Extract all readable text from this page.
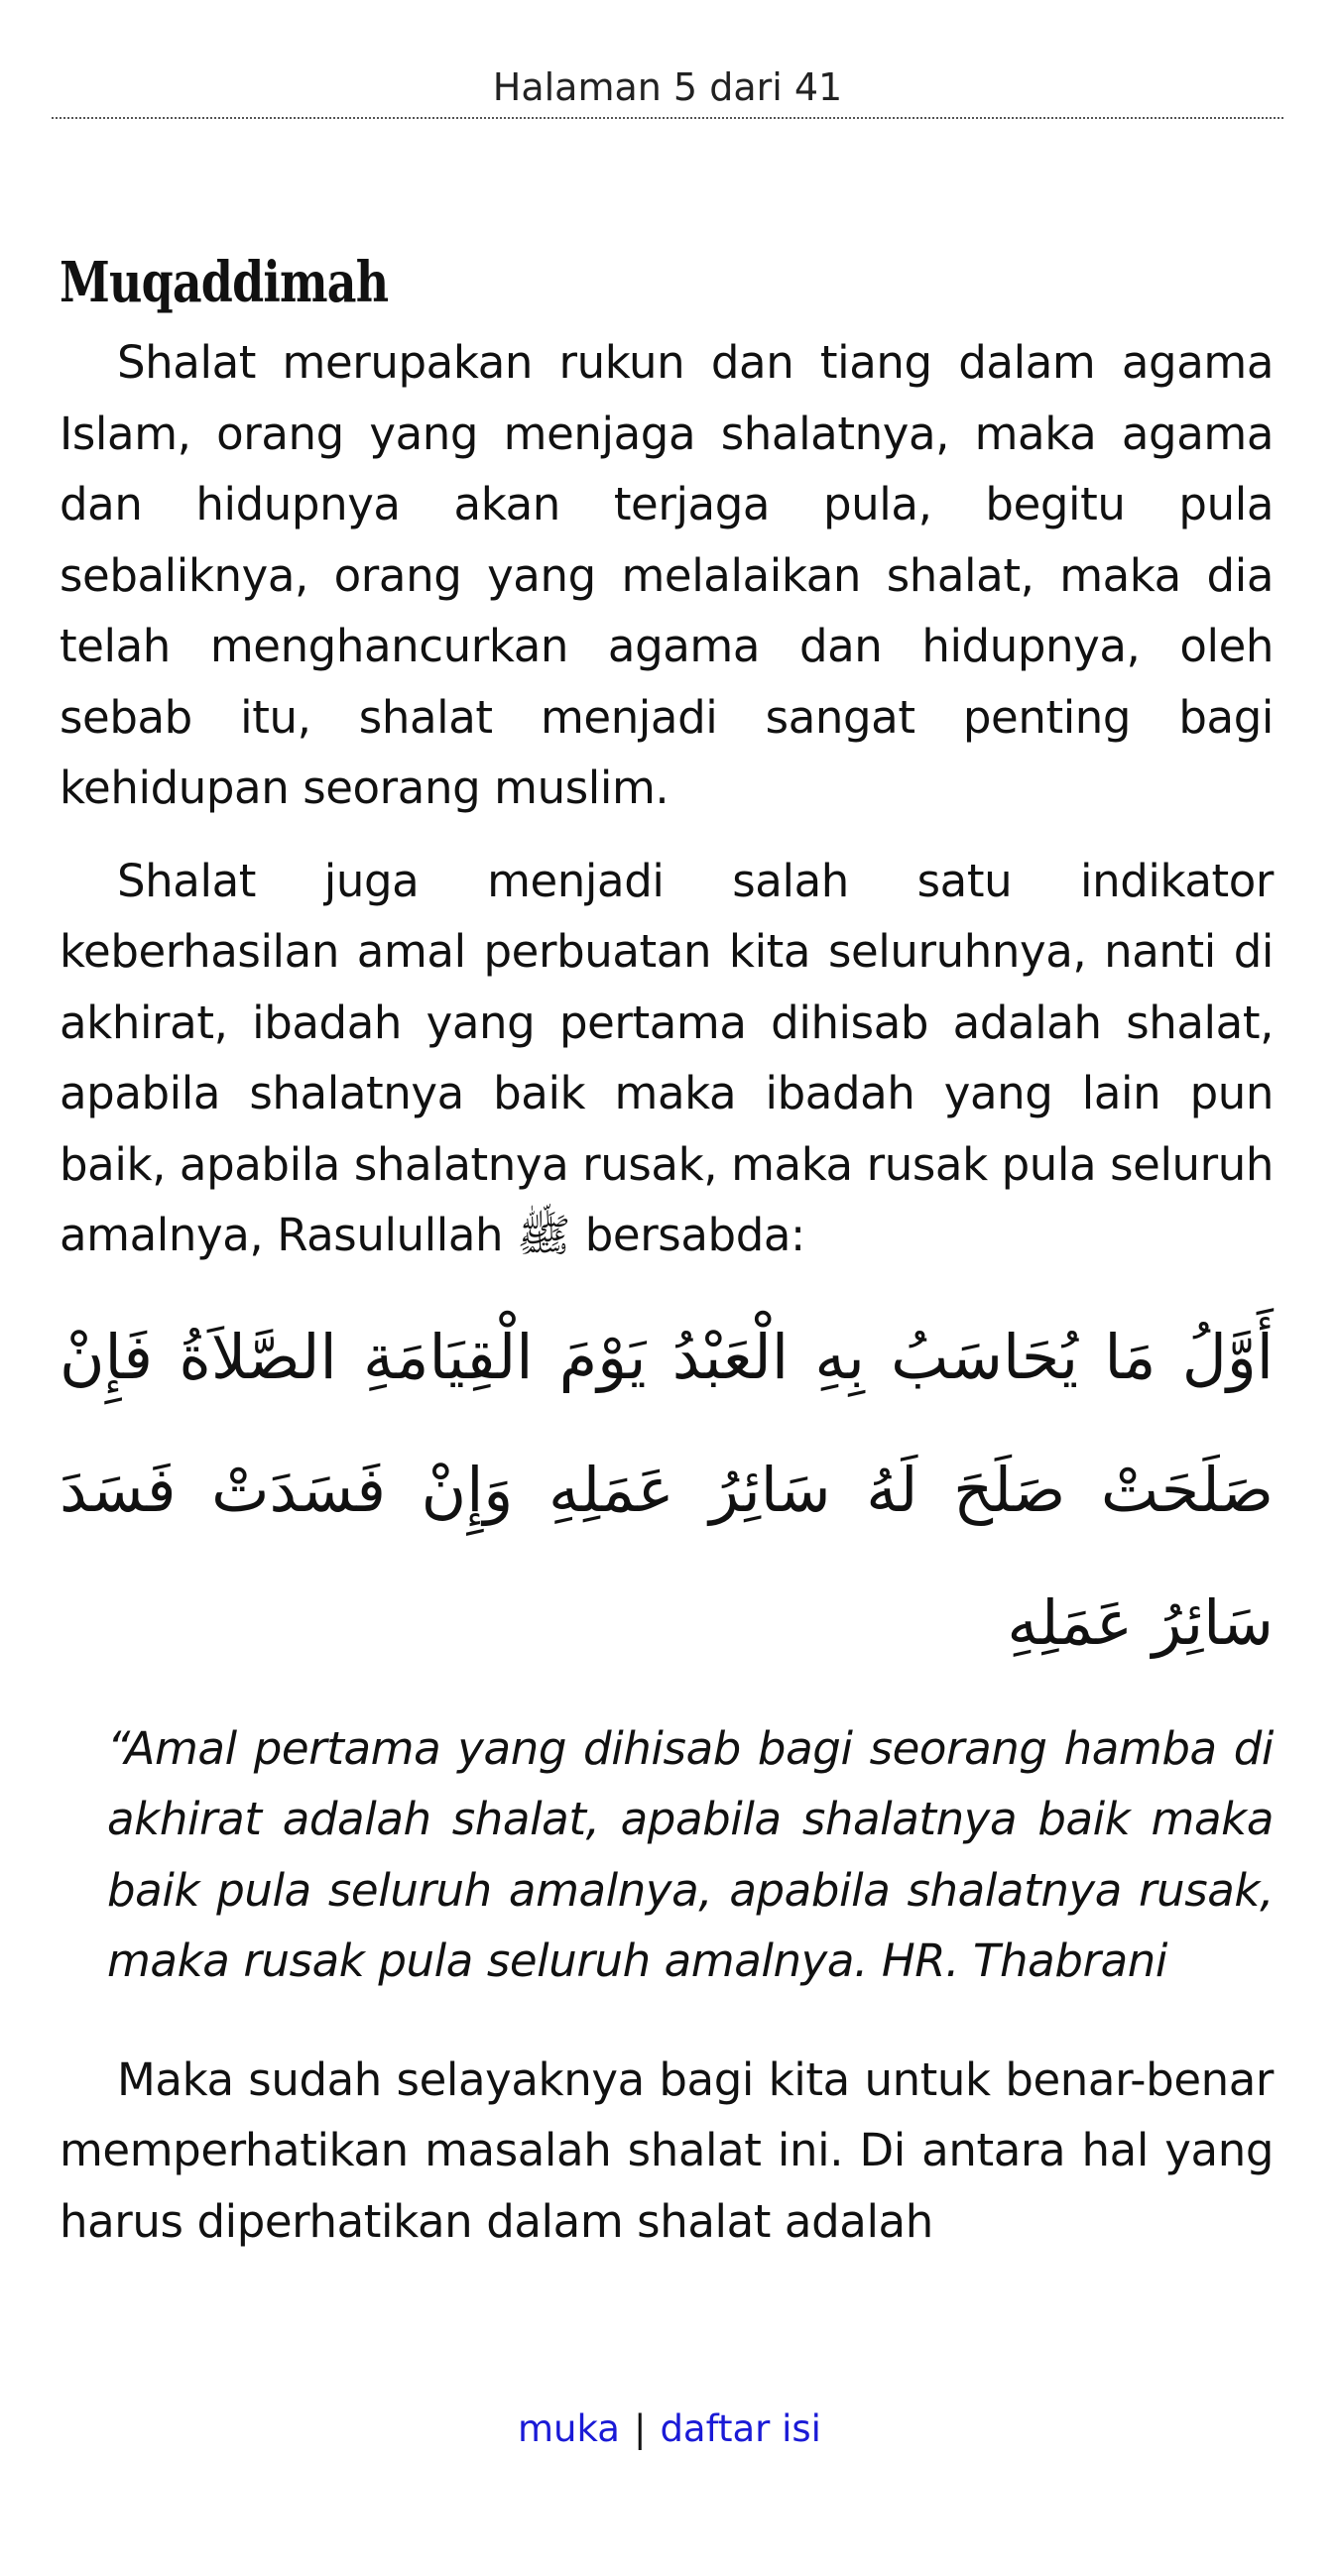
Halaman 5 dari 41
Muqaddimah

Shalat merupakan rukun dan tiang dalam agama Islam, orang yang menjaga shalatnya, maka agama dan hidupnya akan terjaga pula, begitu pula sebaliknya, orang yang melalaikan shalat, maka dia telah menghancurkan agama dan hidupnya, oleh sebab itu, shalat menjadi sangat penting bagi kehidupan seorang muslim.

Shalat juga menjadi salah satu indikator keberhasilan amal perbuatan kita seluruhnya, nanti di akhirat, ibadah yang pertama dihisab adalah shalat, apabila shalatnya baik maka ibadah yang lain pun baik, apabila shalatnya rusak, maka rusak pula seluruh amalnya, Rasulullah ﷺ bersabda:

أَوَّلُ مَا يُحَاسَبُ بِهِ الْعَبْدُ يَوْمَ الْقِيَامَةِ الصَّلاَةُ فَإِنْ صَلَحَتْ صَلَحَ لَهُ سَائِرُ عَمَلِهِ وَإِنْ فَسَدَتْ فَسَدَ سَائِرُ عَمَلِهِ

“Amal pertama yang dihisab bagi seorang hamba di akhirat adalah shalat, apabila shalatnya baik maka baik pula seluruh amalnya, apabila shalatnya rusak, maka rusak pula seluruh amalnya. HR. Thabrani

Maka sudah selayaknya bagi kita untuk benar-benar memperhatikan masalah shalat ini. Di antara hal yang harus diperhatikan dalam shalat adalah

muka | daftar isi
